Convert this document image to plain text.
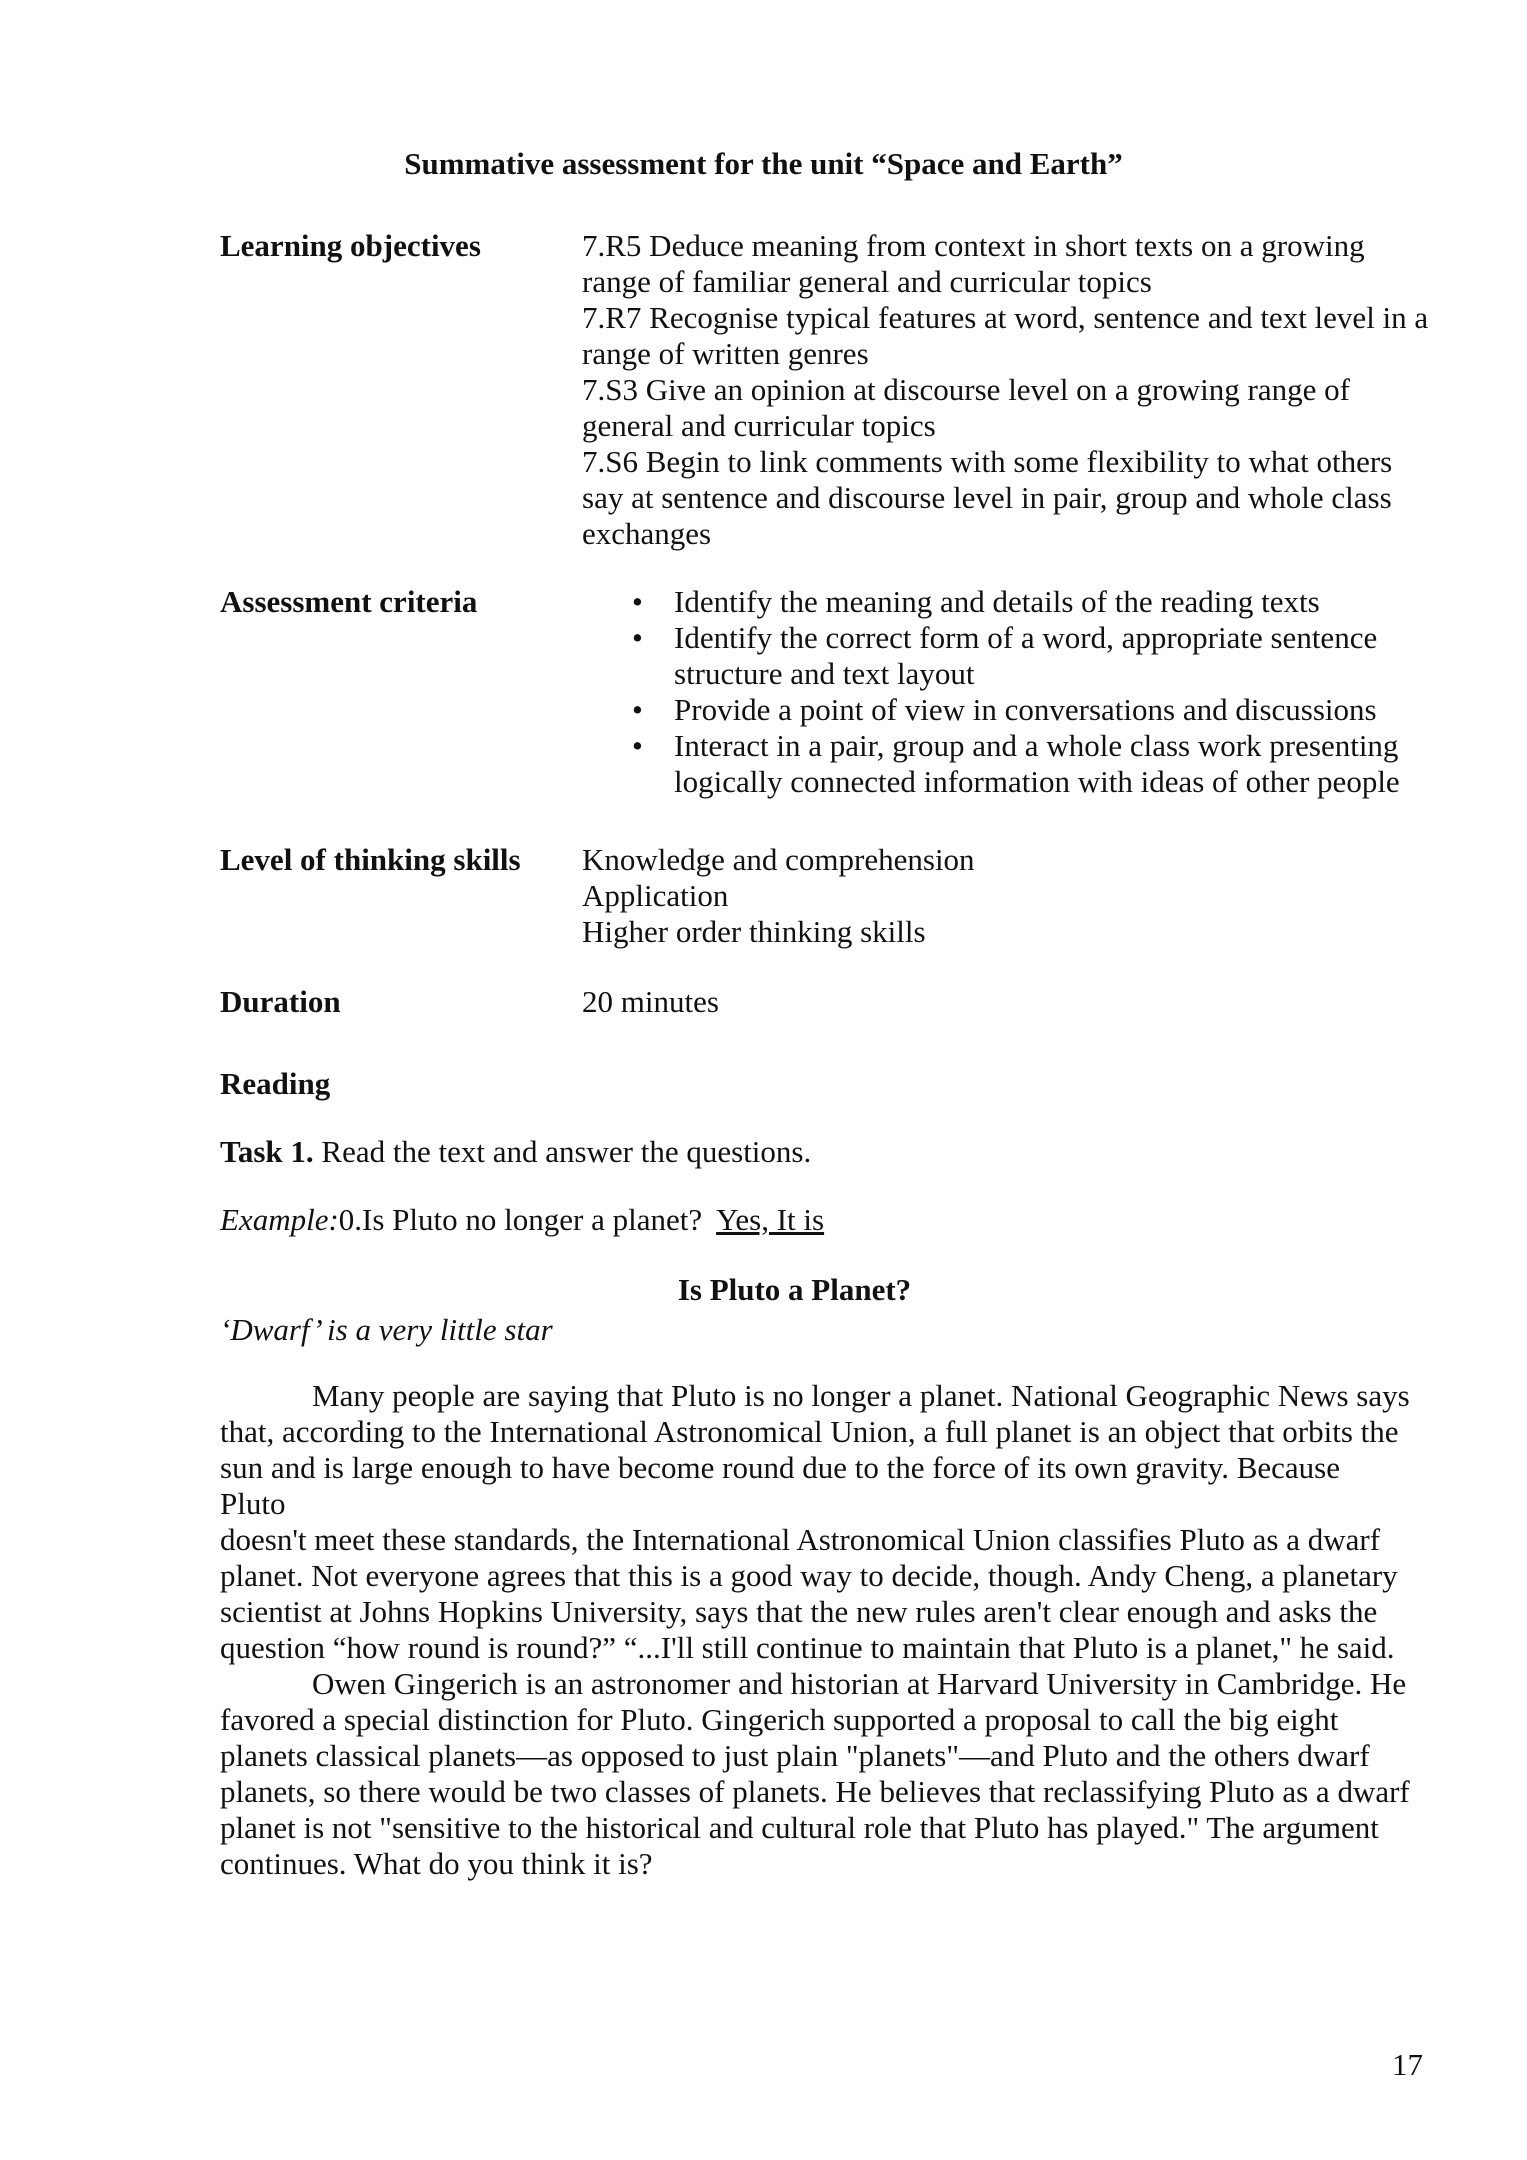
Summative assessment for the unit “Space and Earth”
Learning objectives	7.R5 Deduce meaning from context in short texts on a growing
range of familiar general and curricular topics
7.R7 Recognise typical features at word, sentence and text level in a
range of written genres
7.S3 Give an opinion at discourse level on a growing range of
general and curricular topics
7.S6 Begin to link comments with some flexibility to what others
say at sentence and discourse level in pair, group and whole class
exchanges
Assessment criteria	• Identify the meaning and details of the reading texts
• Identify the correct form of a word, appropriate sentence
structure and text layout
• Provide a point of view in conversations and discussions
• Interact in a pair, group and a whole class work presenting
logically connected information with ideas of other people
Level of thinking skills	Knowledge and comprehension
Application
Higher order thinking skills
Duration	20 minutes
Reading
Task 1. Read the text and answer the questions.
Example:0.Is Pluto no longer a planet? Yes, It is
Is Pluto a Planet?
‘Dwarf’ is a very little star
Many people are saying that Pluto is no longer a planet. National Geographic News says
that, according to the International Astronomical Union, a full planet is an object that orbits the
sun and is large enough to have become round due to the force of its own gravity. Because Pluto
doesn't meet these standards, the International Astronomical Union classifies Pluto as a dwarf
planet. Not everyone agrees that this is a good way to decide, though. Andy Cheng, a planetary
scientist at Johns Hopkins University, says that the new rules aren't clear enough and asks the
question “how round is round?” “...I'll still continue to maintain that Pluto is a planet," he said.
Owen Gingerich is an astronomer and historian at Harvard University in Cambridge. He
favored a special distinction for Pluto. Gingerich supported a proposal to call the big eight
planets classical planets—as opposed to just plain "planets"—and Pluto and the others dwarf
planets, so there would be two classes of planets. He believes that reclassifying Pluto as a dwarf
planet is not "sensitive to the historical and cultural role that Pluto has played." The argument
continues. What do you think it is?
17
